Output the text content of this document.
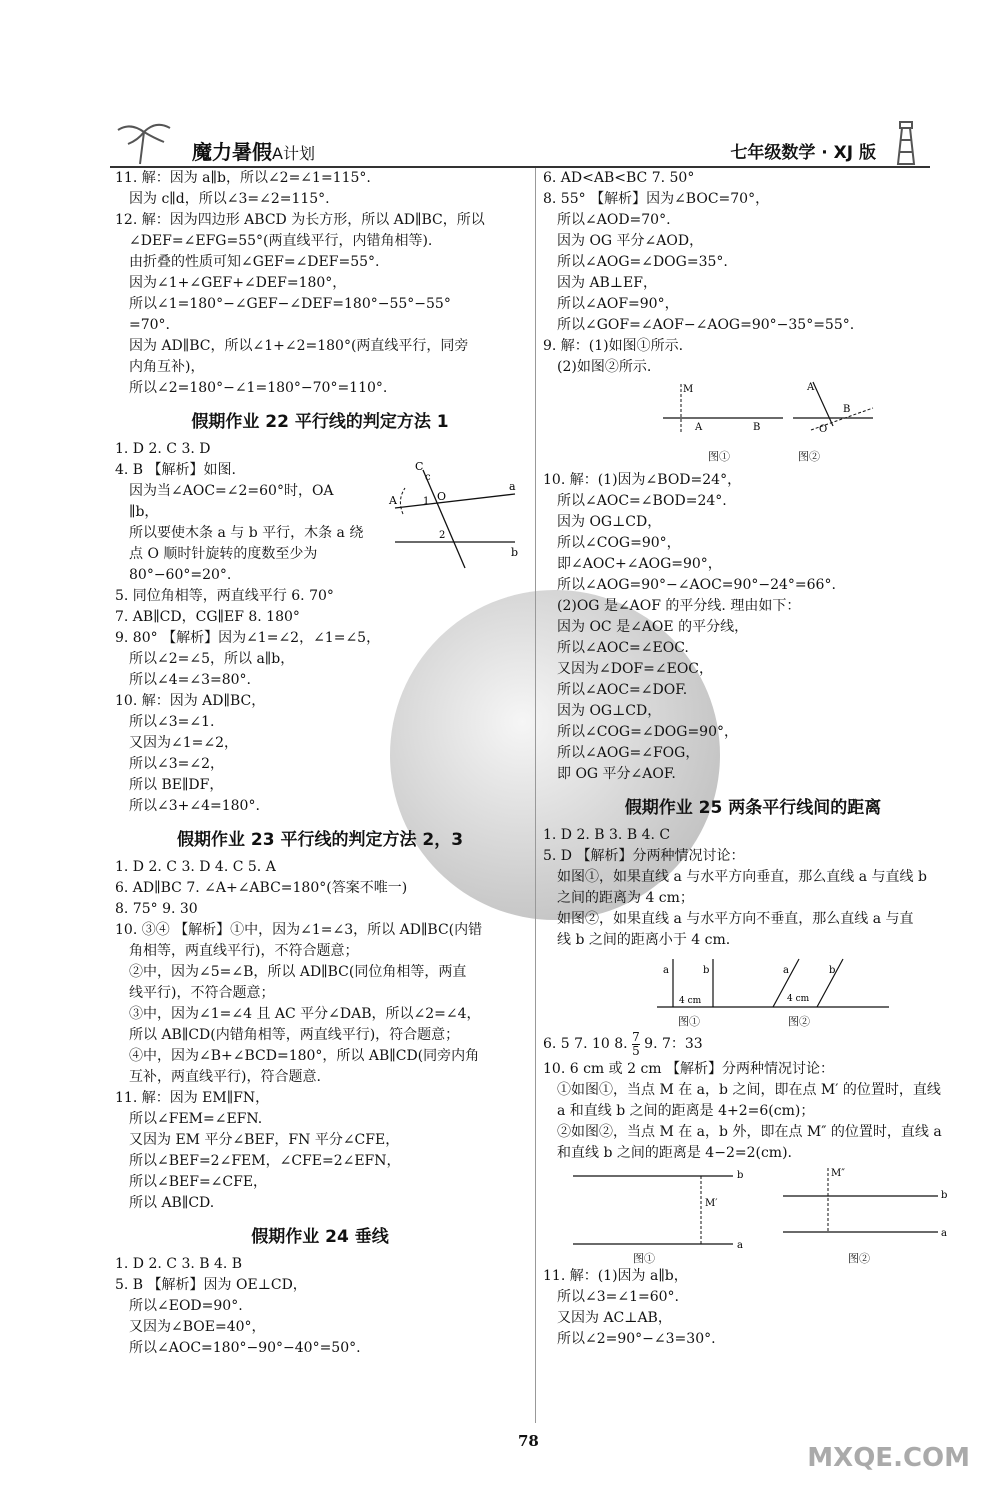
魔力暑假A计划	七年级数学 · XJ 版
11. 解：因为 a∥b，所以∠2=∠1=115°.
因为 c∥d，所以∠3=∠2=115°.
12. 解：因为四边形 ABCD 为长方形，所以 AD∥BC，所以
∠DEF=∠EFG=55°(两直线平行，内错角相等).
由折叠的性质可知∠GEF=∠DEF=55°.
因为∠1+∠GEF+∠DEF=180°，
所以∠1=180°−∠GEF−∠DEF=180°−55°−55°
=70°.
因为 AD∥BC，所以∠1+∠2=180°(两直线平行，同旁
内角互补)，
所以∠2=180°−∠1=180°−70°=110°.
假期作业 22 平行线的判定方法 1
1. D 2. C 3. D
C
c
A	1 O
a
2
b
4. B 【解析】如图.
因为当∠AOC=∠2=60°时，OA
∥b，
所以要使木条 a 与 b 平行，木条 a 绕
点 O 顺时针旋转的度数至少为
80°−60°=20°.
5. 同位角相等，两直线平行 6. 70°
7. AB∥CD，CG∥EF 8. 180°
9. 80° 【解析】因为∠1=∠2，∠1=∠5，
所以∠2=∠5，所以 a∥b，
所以∠4=∠3=80°.
10. 解：因为 AD∥BC，
所以∠3=∠1.
又因为∠1=∠2，
所以∠3=∠2，
所以 BE∥DF，
所以∠3+∠4=180°.
假期作业 23 平行线的判定方法 2，3
1. D 2. C 3. D 4. C 5. A
6. AD∥BC 7. ∠A+∠ABC=180°(答案不唯一)
8. 75° 9. 30
10. ③④ 【解析】①中，因为∠1=∠3，所以 AD∥BC(内错
角相等，两直线平行)，不符合题意；
②中，因为∠5=∠B，所以 AD∥BC(同位角相等，两直
线平行)，不符合题意；
③中，因为∠1=∠4 且 AC 平分∠DAB，所以∠2=∠4，
所以 AB∥CD(内错角相等，两直线平行)，符合题意；
④中，因为∠B+∠BCD=180°，所以 AB∥CD(同旁内角
互补，两直线平行)，符合题意.
11. 解：因为 EM∥FN，
所以∠FEM=∠EFN.
又因为 EM 平分∠BEF，FN 平分∠CFE，
所以∠BEF=2∠FEM，∠CFE=2∠EFN，
所以∠BEF=∠CFE，
所以 AB∥CD.
假期作业 24 垂线
1. D 2. C 3. B 4. B
5. B 【解析】因为 OE⊥CD，
所以∠EOD=90°.
又因为∠BOE=40°，
所以∠AOC=180°−90°−40°=50°.
6. AD<AB<BC 7. 50°
8. 55° 【解析】因为∠BOC=70°，
所以∠AOD=70°.
因为 OG 平分∠AOD，
所以∠AOG=∠DOG=35°.
因为 AB⊥EF，
所以∠AOF=90°，
所以∠GOF=∠AOF−∠AOG=90°−35°=55°.
9. 解：(1)如图①所示.
(2)如图②所示.
M
A	B
A
B
O
图①	图②
10. 解：(1)因为∠BOD=24°，
所以∠AOC=∠BOD=24°.
因为 OG⊥CD，
所以∠COG=90°，
即∠AOC+∠AOG=90°，
所以∠AOG=90°−∠AOC=90°−24°=66°.
(2)OG 是∠AOF 的平分线. 理由如下：
因为 OC 是∠AOE 的平分线，
所以∠AOC=∠EOC.
又因为∠DOF=∠EOC，
所以∠AOC=∠DOF.
因为 OG⊥CD，
所以∠COG=∠DOG=90°，
所以∠AOG=∠FOG，
即 OG 平分∠AOF.
假期作业 25 两条平行线间的距离
1. D 2. B 3. B 4. C
5. D 【解析】分两种情况讨论：
如图①，如果直线 a 与水平方向垂直，那么直线 a 与直线 b
之间的距离为 4 cm；
如图②，如果直线 a 与水平方向不垂直，那么直线 a 与直
线 b 之间的距离小于 4 cm.
a	b
4 cm
a	b
4 cm
图①	图②
6. 5 7. 10 8. $\frac{7}{5} 9$. 7：33
10. 6 cm 或 2 cm 【解析】分两种情况讨论：
①如图①，当点 M 在 a，b 之间，即在点 M′ 的位置时，直线
a 和直线 b 之间的距离是 4+2=6(cm)；
②如图②，当点 M 在 a，b 外，即在点 M″ 的位置时，直线 a
和直线 b 之间的距离是 4−2=2(cm).
b
a
M′
M″
b
a
图①	图②
11. 解：(1)因为 a∥b，
所以∠3=∠1=60°.
又因为 AC⊥AB，
所以∠2=90°−∠3=30°.
78
MXQE.COM
